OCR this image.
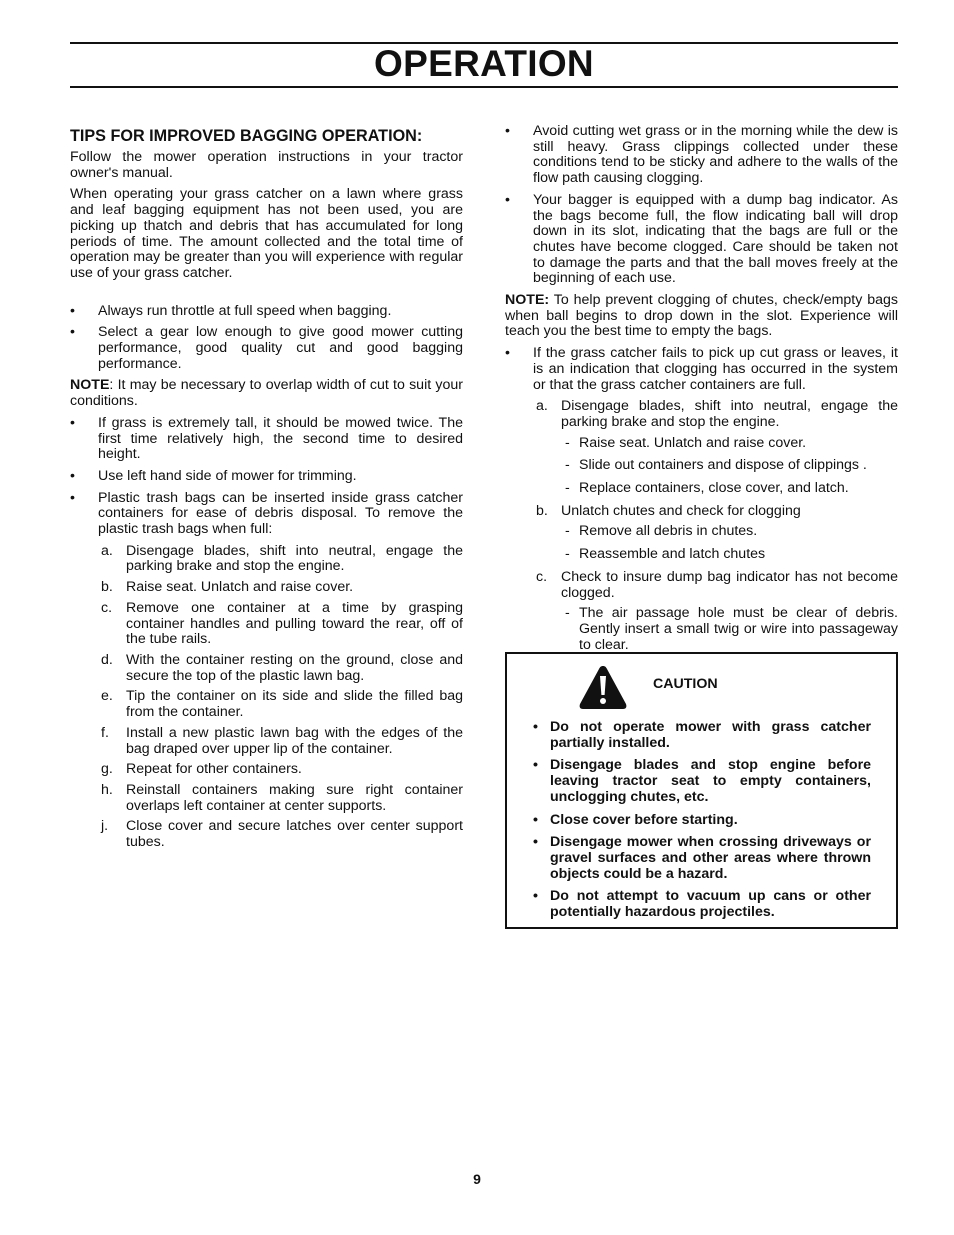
OPERATION
TIPS FOR IMPROVED BAGGING OPERATION:

Follow the mower operation instructions in your tractor owner's manual.

When operating your grass catcher on a lawn where grass and leaf bagging equipment has not been used, you are picking up thatch and debris that has accumulated for long periods of time. The amount collected and the total time of operation may be greater than you will experience with regular use of your grass catcher.

• Always run throttle at full speed when bagging.
• Select a gear low enough to give good mower cutting performance, good quality cut and good bagging performance.

NOTE: It may be necessary to overlap width of cut to suit your conditions.

• If grass is extremely tall, it should be mowed twice. The first time relatively high, the second time to desired height.
• Use left hand side of mower for trimming.
• Plastic trash bags can be inserted inside grass catcher containers for ease of debris disposal. To remove the plastic trash bags when full:
a. Disengage blades, shift into neutral, engage the parking brake and stop the engine.
b. Raise seat. Unlatch and raise cover.
c. Remove one container at a time by grasping container handles and pulling toward the rear, off of the tube rails.
d. With the container resting on the ground, close and secure the top of the plastic lawn bag.
e. Tip the container on its side and slide the filled bag from the container.
f. Install a new plastic lawn bag with the edges of the bag draped over upper lip of the container.
g. Repeat for other containers.
h. Reinstall containers making sure right container overlaps left container at center supports.
j. Close cover and secure latches over center support tubes.
• Avoid cutting wet grass or in the morning while the dew is still heavy. Grass clippings collected under these conditions tend to be sticky and adhere to the walls of the flow path causing clogging.
• Your bagger is equipped with a dump bag indicator. As the bags become full, the flow indicating ball will drop down in its slot, indicating that the bags are full or the chutes have become clogged. Care should be taken not to damage the parts and that the ball moves freely at the beginning of each use.

NOTE: To help prevent clogging of chutes, check/empty bags when ball begins to drop down in the slot. Experience will teach you the best time to empty the bags.

• If the grass catcher fails to pick up cut grass or leaves, it is an indication that clogging has occurred in the system or that the grass catcher containers are full.
a. Disengage blades, shift into neutral, engage the parking brake and stop the engine.
- Raise seat. Unlatch and raise cover.
- Slide out containers and dispose of clippings .
- Replace containers, close cover, and latch.
b. Unlatch chutes and check for clogging
- Remove all debris in chutes.
- Reassemble and latch chutes
c. Check to insure dump bag indicator has not become clogged.
- The air passage hole must be clear of debris. Gently insert a small twig or wire into passageway to clear.
CAUTION
• Do not operate mower with grass catcher partially installed.
• Disengage blades and stop engine before leaving tractor seat to empty containers, unclogging chutes, etc.
• Close cover before starting.
• Disengage mower when crossing driveways or gravel surfaces and other areas where thrown objects could be a hazard.
• Do not attempt to vacuum up cans or other potentially hazardous projectiles.
9
